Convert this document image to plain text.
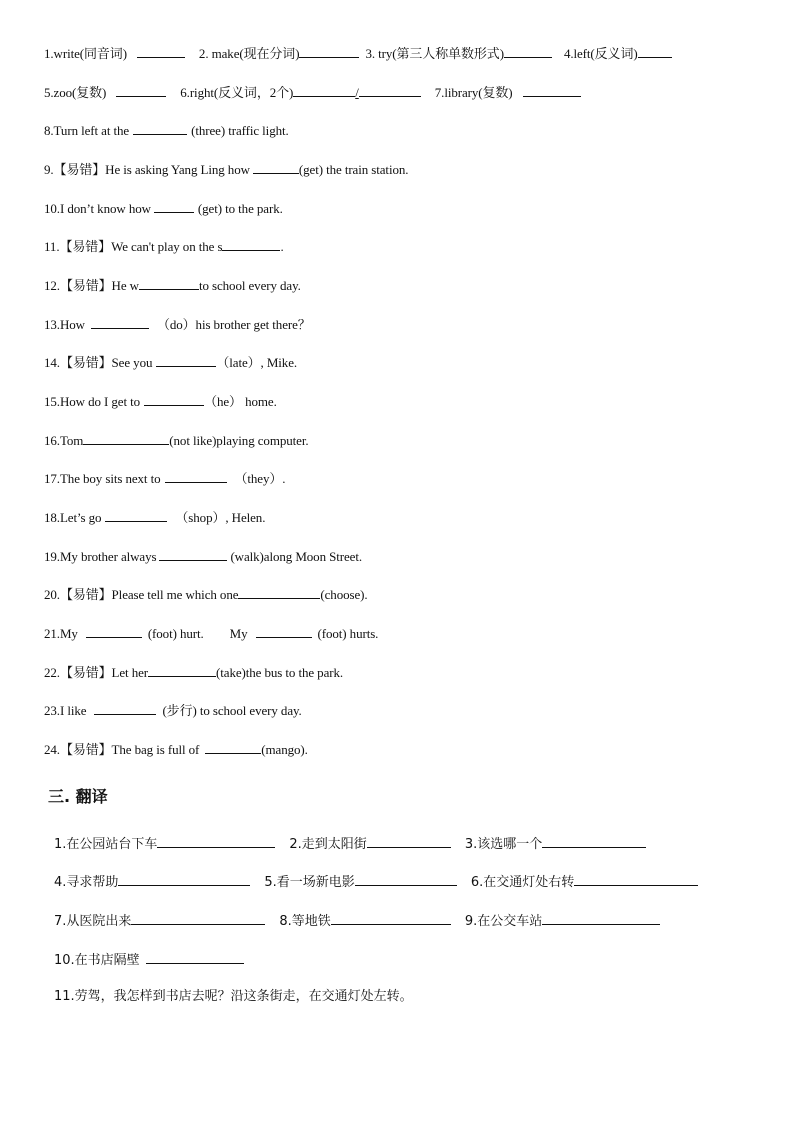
1.write(同音词)	2. make(现在分词)	3. try(第三人称单数形式)	4.left(反义词)
5.zoo(复数)	6.right(反义词，2个)	/	7.library(复数)
8.Turn left at the	(three) traffic light.
9.【易错】He is asking Yang Ling how	(get) the train station.
10.I don’t know how	(get) to the park.
11.【易错】We can't play on the s	.
12.【易错】He w	to school every day.
13.How	（do）his brother get there？
14.【易错】See you	（late）, Mike.
15.How do I get to	（he） home.
16.Tom	(not like)playing computer.
17.The boy sits next to	（they）.
18.Let’s go	（shop）, Helen.
19.My brother always	(walk)along Moon Street.
20.【易错】Please tell me which one	(choose).
21.My	(foot) hurt. My	(foot) hurts.
22.【易错】Let her	(take)the bus to the park.
23.I like	(步行) to school every day.
24.【易错】The bag is full of	(mango).
三. 翻译
1.在公园站台下车	2.走到太阳街	3.该选哪一个
4.寻求帮助	5.看一场新电影	6.在交通灯处右转
7.从医院出来	8.等地铁	9.在公交车站
10.在书店隔壁
11.劳驾，我怎样到书店去呢？沿这条街走，在交通灯处左转。
